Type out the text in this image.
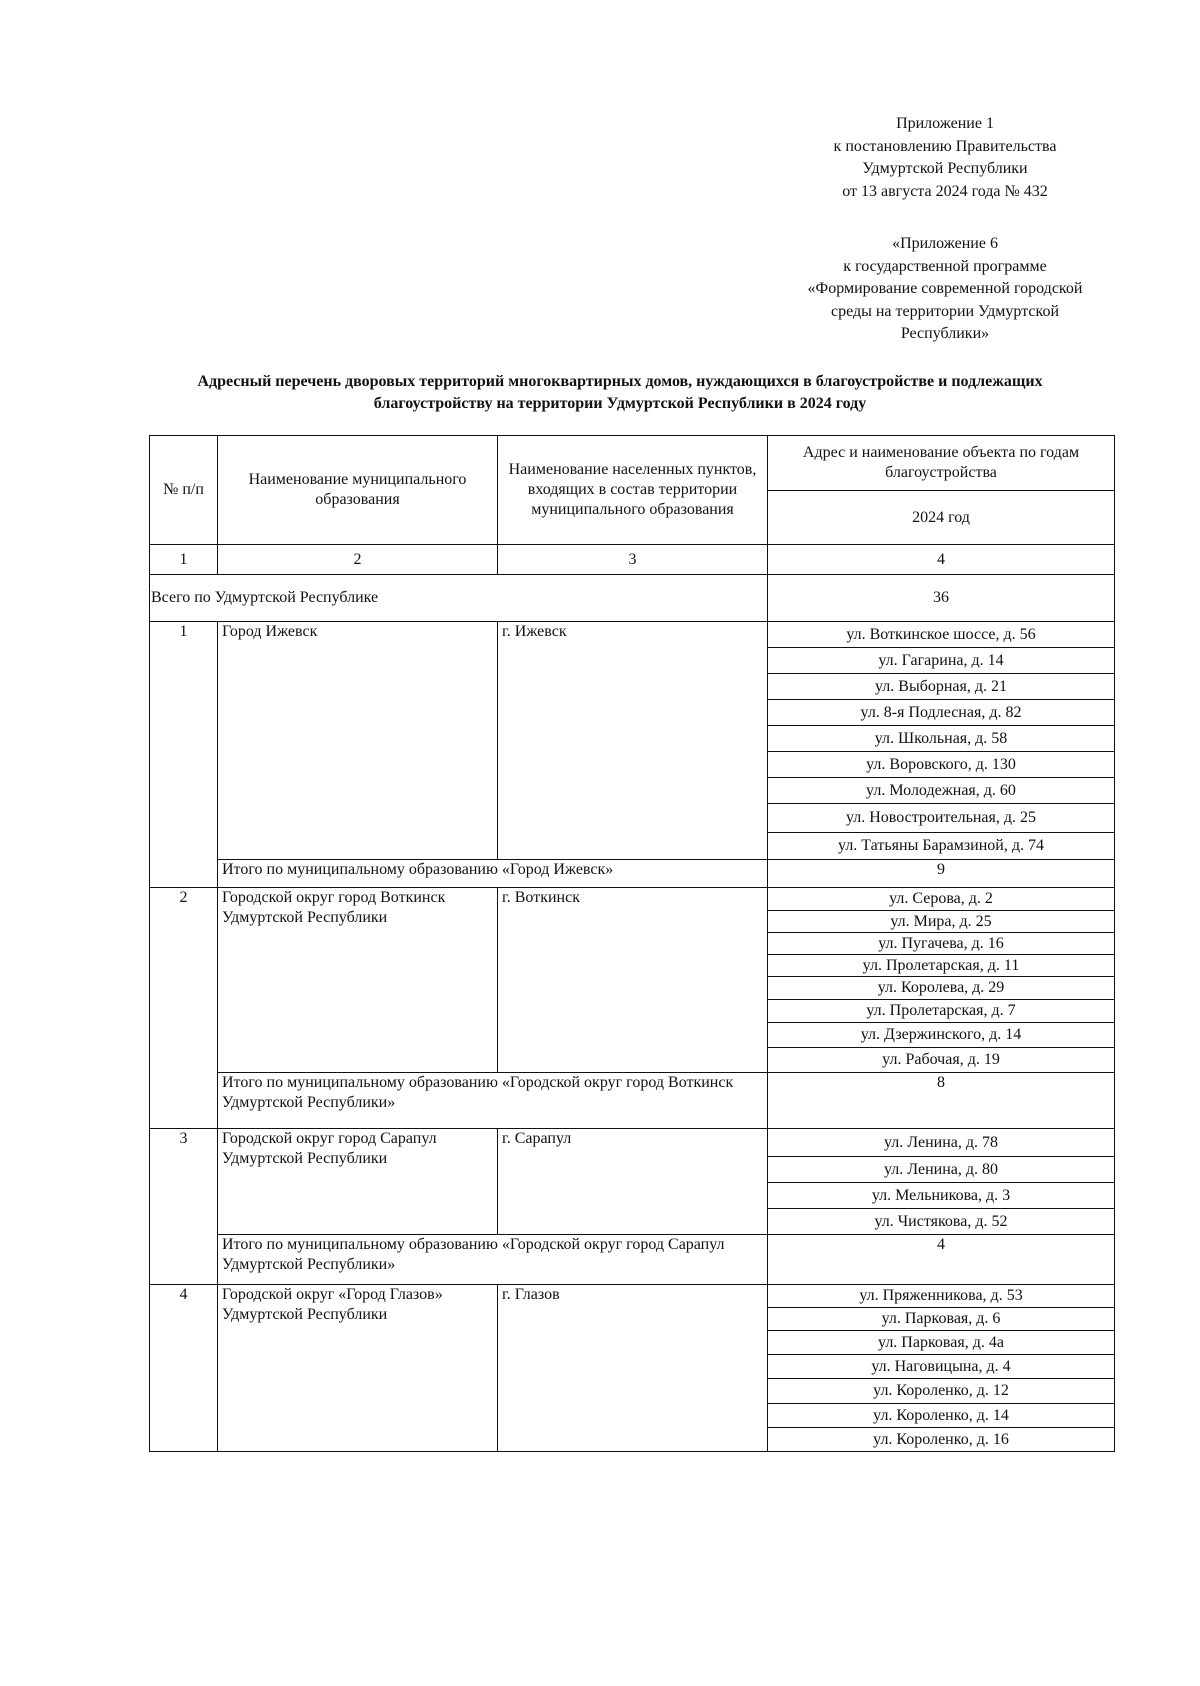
Приложение 1
к постановлению Правительства
Удмуртской Республики
от 13 августа 2024 года № 432
«Приложение 6
к государственной программе
«Формирование современной городской
среды на территории Удмуртской
Республики»
Адресный перечень дворовых территорий многоквартирных домов, нуждающихся в благоустройстве и подлежащих
благоустройству на территории Удмуртской Республики в 2024 году
№ п/п	Наименование муниципального образования	Наименование населенных пунктов, входящих в состав территории муниципального образования	Адрес и наименование объекта по годам благоустройства
			2024 год
1	2	3	4
Всего по Удмуртской Республике			36
1	Город Ижевск	г. Ижевск	ул. Воткинское шоссе, д. 56
			ул. Гагарина, д. 14
			ул. Выборная, д. 21
			ул. 8-я Подлесная, д. 82
			ул. Школьная, д. 58
			ул. Воровского, д. 130
			ул. Молодежная, д. 60
			ул. Новостроительная, д. 25
			ул. Татьяны Барамзиной, д. 74
	Итого по муниципальному образованию «Город Ижевск»		9
2	Городской округ город Воткинск Удмуртской Республики	г. Воткинск	ул. Серова, д. 2
			ул. Мира, д. 25
			ул. Пугачева, д. 16
			ул. Пролетарская, д. 11
			ул. Королева, д. 29
			ул. Пролетарская, д. 7
			ул. Дзержинского, д. 14
			ул. Рабочая, д. 19
	Итого по муниципальному образованию «Городской округ город Воткинск Удмуртской Республики»		8
3	Городской округ город Сарапул Удмуртской Республики	г. Сарапул	ул. Ленина, д. 78
			ул. Ленина, д. 80
			ул. Мельникова, д. 3
			ул. Чистякова, д. 52
	Итого по муниципальному образованию «Городской округ город Сарапул Удмуртской Республики»		4
4	Городской округ «Город Глазов» Удмуртской Республики	г. Глазов	ул. Пряженникова, д. 53
			ул. Парковая, д. 6
			ул. Парковая, д. 4а
			ул. Наговицына, д. 4
			ул. Короленко, д. 12
			ул. Короленко, д. 14
			ул. Короленко, д. 16
